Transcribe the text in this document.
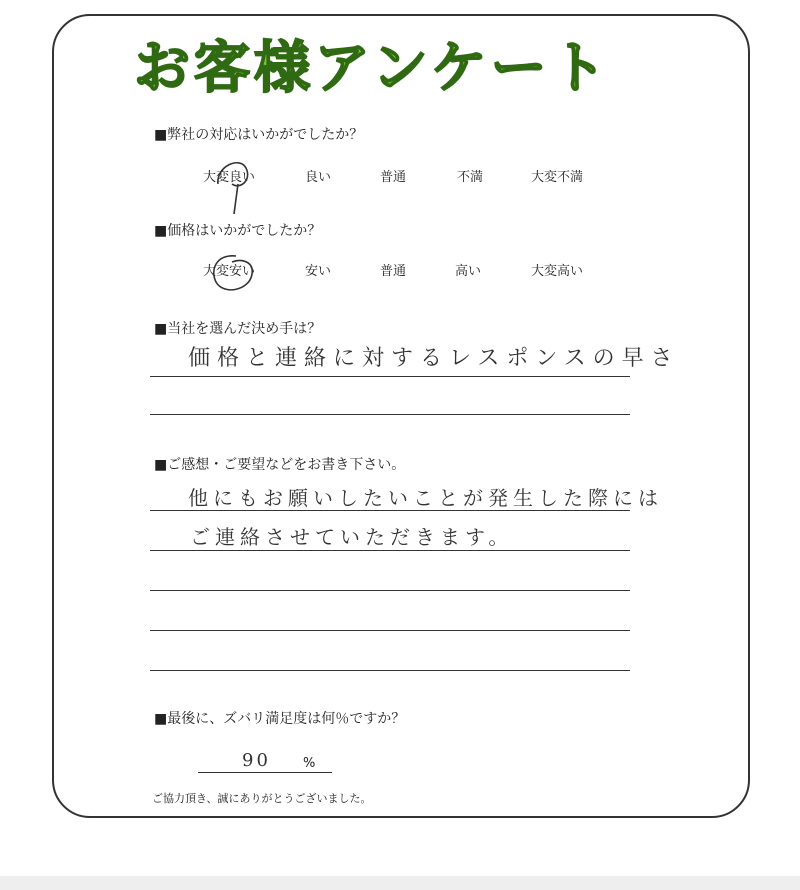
お客様アンケート
■弊社の対応はいかがでしたか？
大変良い	良い	普通	不満	大変不満
■価格はいかがでしたか？
大変安い	安い	普通	高い	大変高い
■当社を選んだ決め手は？
価格と連絡に対するレスポンスの早さ
■ご感想・ご要望などをお書き下さい。
他にもお願いしたいことが発生した際には
ご連絡させていただきます。
■最後に、ズバリ満足度は何％ですか？
90 %
ご協力頂き、誠にありがとうございました。
